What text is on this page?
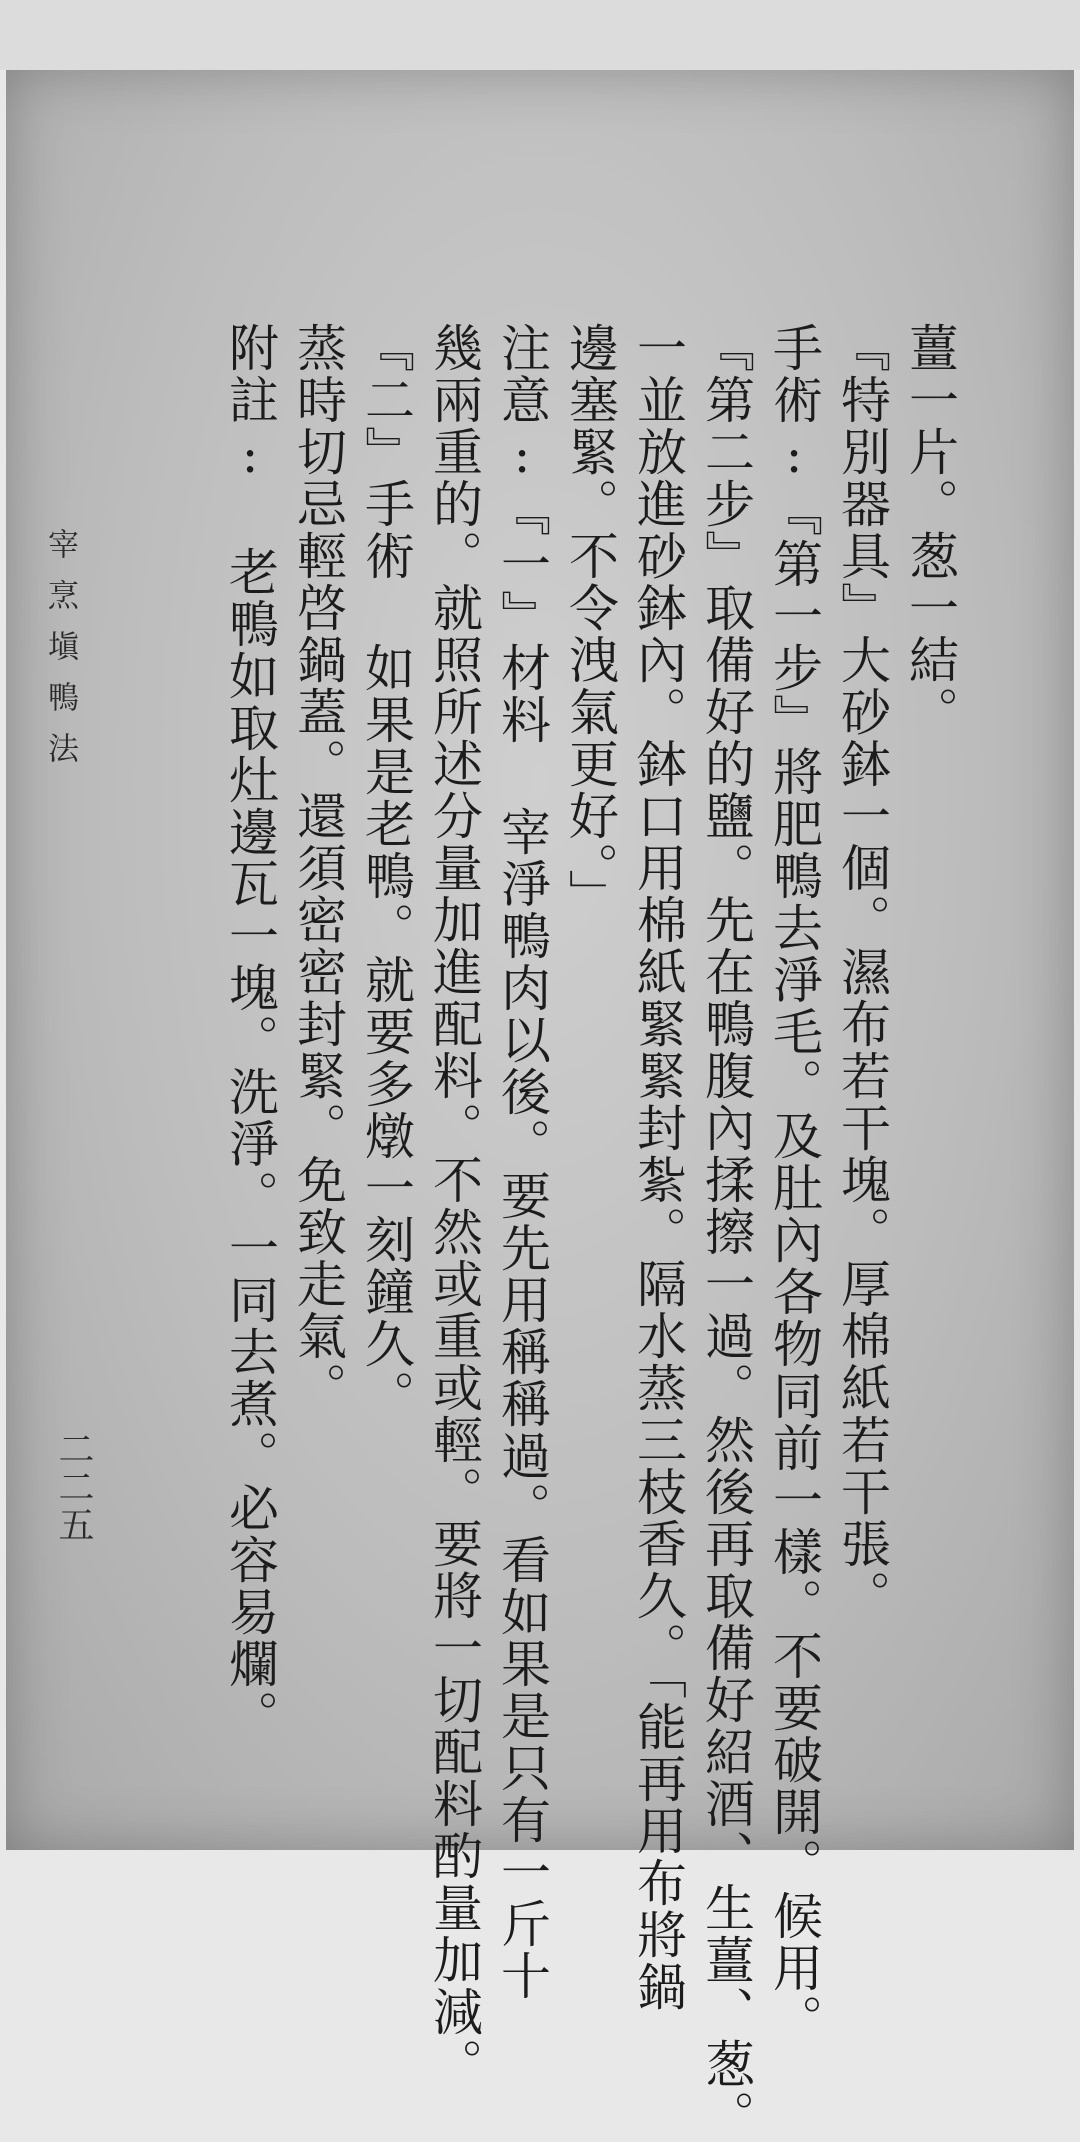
薑一片。葱一結。
『特別器具』大砂鉢一個。濕布若干塊。厚棉紙若干張。
手術:『第一步』將肥鴨去淨毛。及肚內各物同前一樣。不要破開。候用。
『第二步』取備好的鹽。先在鴨腹內揉擦一過。然後再取備好紹酒、生薑、葱。
一並放進砂鉢內。鉢口用棉紙緊緊封紮。隔水蒸三枝香久。「能再用布將鍋
邊塞緊。不令洩氣更好。」
注意:『一』材料 宰淨鴨肉以後。要先用稱稱過。看如果是只有一斤十
幾兩重的。就照所述分量加進配料。不然或重或輕。要將一切配料酌量加減。
『二』手術 如果是老鴨。就要多燉一刻鐘久。
蒸時切忌輕啓鍋蓋。還須密密封緊。免致走氣。
附註: 老鴨如取灶邊瓦一塊。洗淨。一同去煮。必容易爛。
宰烹塡鴨法
二二五
